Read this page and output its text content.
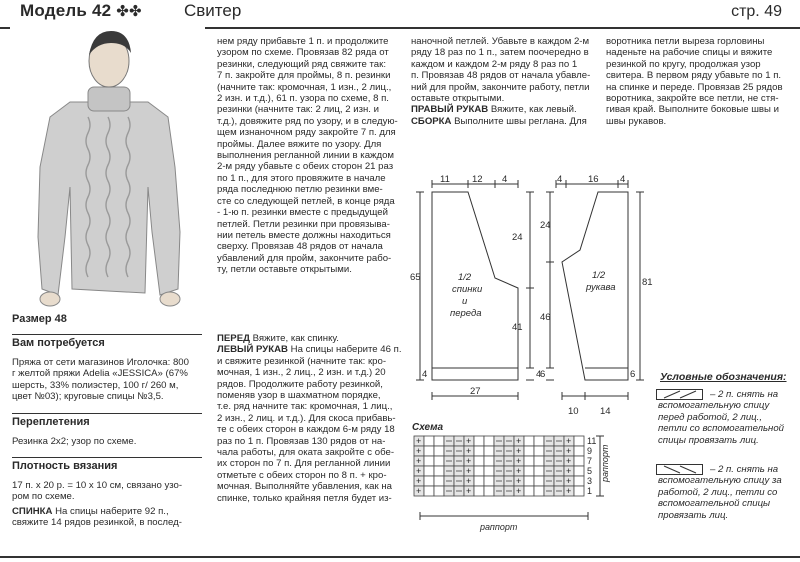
Модель 42 ✤✤ Свитер	стр. 49
Размер 48
Вам потребуется
Пряжа от сети магазинов Иголочка: 800
г желтой пряжи Adelia «JESSICA» (67%
шерсть, 33% полиэстер, 100 г/ 260 м,
цвет №03); круговые спицы №3,5.
Переплетения
Резинка 2х2; узор по схеме.
Плотность вязания
17 п. х 20 р. = 10 х 10 см, связано узо-
ром по схеме.
СПИНКА На спицы наберите 92 п.,
свяжите 14 рядов резинкой, в послед-
нем ряду прибавьте 1 п. и продолжите
узором по схеме. Провязав 82 ряда от
резинки, следующий ряд свяжите так:
7 п. закройте для проймы, 8 п. резинки
(начните так: кромочная, 1 изн., 2 лиц.,
2 изн. и т.д.), 61 п. узора по схеме, 8 п.
резинки (начните так: 2 лиц, 2 изн. и
т.д.), довяжите ряд по узору, и в следую-
щем изнаночном ряду закройте 7 п. для
проймы. Далее вяжите по узору. Для
выполнения реглaнной линии в каждом
2-м ряду убавьте с обеих сторон 21 раз
по 1 п., для этого провяжите в начале
ряда последнюю петлю резинки вме-
сте со следующей петлей, в конце ряда
- 1-ю п. резинки вместе с предыдущей
петлей. Петли резинки при провязыва-
нии петель вместе должны находиться
сверху. Провязав 48 рядов от начала
убавлений для пройм, закончите рабо-
ту, петли оставьте открытыми.
ПЕРЕД Вяжите, как спинку.
ЛЕВЫЙ РУКАВ На спицы наберите 46 п.
и свяжите резинкой (начните так: кро-
мочная, 1 изн., 2 лиц., 2 изн. и т.д.) 20
рядов. Продолжите работу резинкой,
поменяв узор в шахматном порядке,
т.е. ряд начните так: кромочная, 1 лиц.,
2 изн., 2 лиц. и т.д.). Для скоса прибавь-
те с обеих сторон в каждом 6-м ряду 18
раз по 1 п. Провязав 130 рядов от на-
чала работы, для оката закройте с обе-
их сторон по 7 п. Для реглaнной линии
отметьте с обеих сторон по 8 п. + кро-
мочная. Выполняйте убавления, как на
спинке, только крайняя петля будет из-
наночной петлей. Убавьте в каждом 2-м
ряду 18 раз по 1 п., затем поочередно в
каждом и каждом 2-м ряду 8 раз по 1
п. Провязав 48 рядов от начала убавле-
ний для пройм, закончите работу, петли
оставьте открытыми.
ПРАВЫЙ РУКАВ Вяжите, как левый.
СБОРКА Выполните швы реглaна. Для
воротника петли выреза горловины
наденьте на рабочие спицы и вяжите
резинкой по кругу, продолжая узор
свитера. В первом ряду убавьте по 1 п.
на спинке и переде. Провязав 25 рядов
воротника, закройте все петли, не стя-
гивая край. Выполните боковые швы и
швы рукавов.
11 12 4
65
24
41
4
4
27
1/2
спинки
и
переда
4	16 4
81
24
46
6	6
10 14
1/2
рукава
Схема
+	+	+	+
+	+	+	+
+	+	+	+
+	+	+	+
+	+	+	+
+	+	+	+
11
9
7
5
3
1
раппорт
раппорт
Условные обозначения:
– 2 п. снять на
вспомогательную спицу
перед работой, 2 лиц.,
петли со вспомогательной
спицы провязать лиц.
– 2 п. снять на
вспомогательную спицу за
работой, 2 лиц., петли со
вспомогательной спицы
провязать лиц.
